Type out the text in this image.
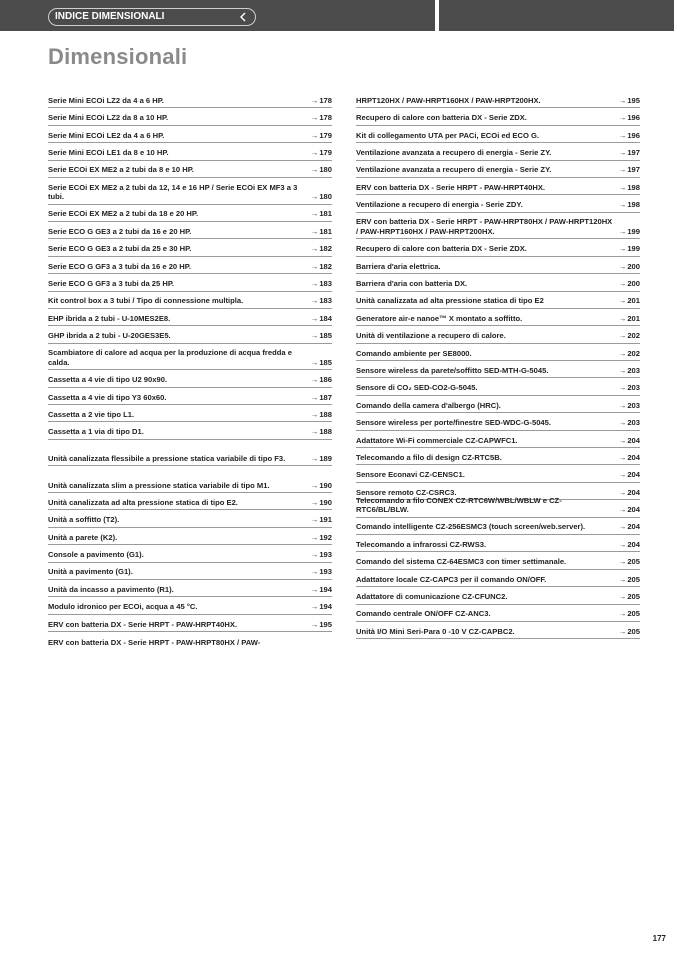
INDICE DIMENSIONALI
Dimensionali
Serie Mini ECOi LZ2 da 4 a 6 HP.	→178
Serie Mini ECOi LZ2 da 8 a 10 HP.	→178
Serie Mini ECOi LE2 da 4 a 6 HP.	→179
Serie Mini ECOi LE1 da 8 e 10 HP.	→179
Serie ECOi EX ME2 a 2 tubi da 8 e 10 HP.	→180
Serie ECOi EX ME2 a 2 tubi da 12, 14 e 16 HP / Serie ECOi EX MF3 a 3 tubi.	→180
Serie ECOi EX ME2 a 2 tubi da 18 e 20 HP.	→181
Serie ECO G GE3 a 2 tubi da 16 e 20 HP.	→181
Serie ECO G GE3 a 2 tubi da 25 e 30 HP.	→182
Serie ECO G GF3 a 3 tubi da 16 e 20 HP.	→182
Serie ECO G GF3 a 3 tubi da 25 HP.	→183
Kit control box a 3 tubi / Tipo di connessione multipla.	→183
EHP ibrida a 2 tubi - U-10MES2E8.	→184
GHP ibrida a 2 tubi - U-20GES3E5.	→185
Scambiatore di calore ad acqua per la produzione di acqua fredda e calda.	→185
Cassetta a 4 vie di tipo U2 90x90.	→186
Cassetta a 4 vie di tipo Y3 60x60.	→187
Cassetta a 2 vie tipo L1.	→188
Cassetta a 1 via di tipo D1.	→188
Unità canalizzata flessibile a pressione statica variabile di tipo F3.	→189
Unità canalizzata slim a pressione statica variabile di tipo M1.	→190
Unità canalizzata ad alta pressione statica di tipo E2.	→190
Unità a soffitto (T2).	→191
Unità a parete (K2).	→192
Console a pavimento (G1).	→193
Unità a pavimento (G1).	→193
Unità da incasso a pavimento (R1).	→194
Modulo idronico per ECOi, acqua a 45 °C.	→194
ERV con batteria DX - Serie HRPT - PAW-HRPT40HX.	→195
ERV con batteria DX - Serie HRPT - PAW-HRPT80HX / PAW-
HRPT120HX / PAW-HRPT160HX / PAW-HRPT200HX.	→195
Recupero di calore con batteria DX - Serie ZDX.	→196
Kit di collegamento UTA per PACi, ECOi ed ECO G.	→196
Ventilazione avanzata a recupero di energia - Serie ZY.	→197
Ventilazione avanzata a recupero di energia - Serie ZY.	→197
ERV con batteria DX - Serie HRPT - PAW-HRPT40HX.	→198
Ventilazione a recupero di energia - Serie ZDY.	→198
ERV con batteria DX - Serie HRPT - PAW-HRPT80HX / PAW-HRPT120HX / PAW-HRPT160HX / PAW-HRPT200HX.	→199
Recupero di calore con batteria DX - Serie ZDX.	→199
Barriera d'aria elettrica.	→200
Barriera d'aria con batteria DX.	→200
Unità canalizzata ad alta pressione statica di tipo E2	→201
Generatore air-e nanoe™ X montato a soffitto.	→201
Unità di ventilazione a recupero di calore.	→202
Comando ambiente per SE8000.	→202
Sensore wireless da parete/soffitto SED-MTH-G-5045.	→203
Sensore di CO₂ SED-CO2-G-5045.	→203
Comando della camera d'albergo (HRC).	→203
Sensore wireless per porte/finestre SED-WDC-G-5045.	→203
Adattatore Wi-Fi commerciale CZ-CAPWFC1.	→204
Telecomando a filo di design CZ-RTC5B.	→204
Sensore Econavi CZ-CENSC1.	→204
Sensore remoto CZ-CSRC3.	→204
Telecomando a filo CONEX CZ-RTC6W/WBL/WBLW e CZ-RTC6/BL/BLW.	→204
Comando intelligente CZ-256ESMC3 (touch screen/web.server).	→204
Telecomando a infrarossi CZ-RWS3.	→204
Comando del sistema CZ-64ESMC3 con timer settimanale.	→205
Adattatore locale CZ-CAPC3 per il comando ON/OFF.	→205
Adattatore di comunicazione CZ-CFUNC2.	→205
Comando centrale ON/OFF CZ-ANC3.	→205
Unità I/O Mini Seri-Para 0 -10 V CZ-CAPBC2.	→205
177
